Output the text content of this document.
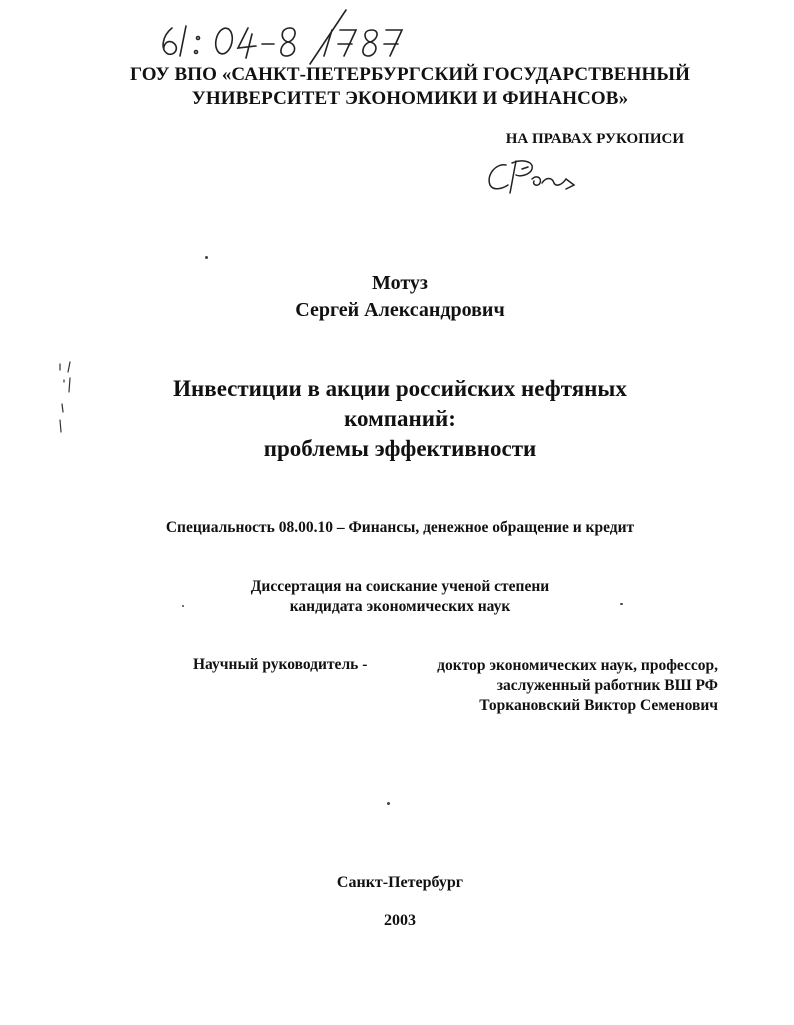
ГОУ ВПО «САНКТ-ПЕТЕРБУРГСКИЙ ГОСУДАРСТВЕННЫЙ
УНИВЕРСИТЕТ ЭКОНОМИКИ И ФИНАНСОВ»
НА ПРАВАХ РУКОПИСИ
Мотуз
Сергей Александрович
Инвестиции в акции российских нефтяных
компаний:
проблемы эффективности
Специальность 08.00.10 – Финансы, денежное обращение и кредит
Диссертация на соискание ученой степени
кандидата экономических наук
Научный руководитель -	доктор экономических наук, профессор,
заслуженный работник ВШ РФ
Торкановский Виктор Семенович
Санкт-Петербург
2003
